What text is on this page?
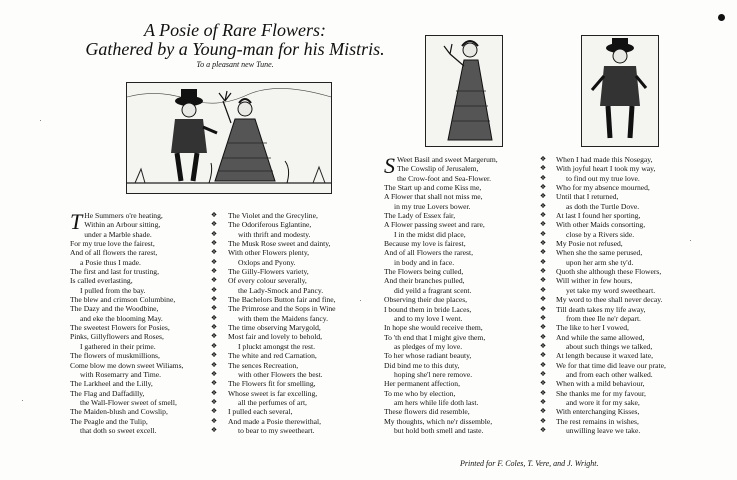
A Posie of Rare Flowers:
Gathered by a Young-man for his Mistris.
To a pleasant new Tune.
T He Summers o're heating,
Within an Arbour sitting,
under a Marble shade.
For my true love the fairest,
And of all flowers the rarest,
a Posie thus I made.
The first and last for trusting,
Is called everlasting,
I pulled from the bay.
The blew and crimson Columbine,
The Dazy and the Woodbine,
and eke the blooming May.
The sweetest Flowers for Posies,
Pinks, Gillyflowers and Roses,
I gathered in their prime.
The flowers of muskmillions,
Come blow me down sweet Wiliams,
with Rosemarry and Time.
The Larkheel and the Lilly,
The Flag and Daffadilly,
the Wall-Flower sweet of smell,
The Maiden-blush and Cowslip,
The Peagle and the Tulip,
that doth so sweet excell.
❖
❖
❖
❖
❖
❖
❖
❖
❖
❖
❖
❖
❖
❖
❖
❖
❖
❖
❖
❖
❖
❖
❖
❖
The Violet and the Grecyline,
The Odoriferous Eglantine,
with thrift and modesty.
The Musk Rose sweet and dainty,
With other Flowers plenty,
Oxlops and Pyony.
The Gilly-Flowers variety,
Of every colour severally,
the Lady-Smock and Pancy.
The Bachelors Button fair and fine,
The Primrose and the Sops in Wine
with them the Maidens fancy.
The time observing Marygold,
Most fair and lovely to behold,
I pluckt amongst the rest.
The white and red Carnation,
The sences Recreation,
with other Flowers the best.
The Flowers fit for smelling,
Whose sweet is far excelling,
all the perfumes of art,
I pulled each several,
And made a Posie therewithal,
to bear to my sweetheart.
S Weet Basil and sweet Margerum,
The Cowslip of Jerusalem,
the Crow-foot and Sea-Flower.
The Start up and come Kiss me,
A Flower that shall not miss me,
in my true Lovers bower.
The Lady of Essex fair,
A Flower passing sweet and rare,
I in the midst did place,
Because my love is fairest,
And of all Flowers the rarest,
in body and in face.
The Flowers being culled,
And their branches pulled,
did yeild a fragrant scent.
Observing their due places,
I bound them in bride Laces,
and to my love I went.
In hope she would receive them,
To 'th end that I might give them,
as pledges of my love.
To her whose radiant beauty,
Did bind me to this duty,
hoping she'l nere remove.
Her permanent affection,
To me who by election,
am hers while life doth last.
These flowers did resemble,
My thoughts, which ne'r dissemble,
but hold both smell and taste.
❖
❖
❖
❖
❖
❖
❖
❖
❖
❖
❖
❖
❖
❖
❖
❖
❖
❖
❖
❖
❖
❖
❖
❖
❖
❖
❖
❖
❖
❖
When I had made this Nosegay,
With joyful heart I took my way,
to find out my true love.
Who for my absence mourned,
Until that I returned,
as doth the Turtle Dove.
At last I found her sporting,
With other Maids consorting,
close by a Rivers side.
My Posie not refused,
When she the same perused,
upon her arm she ty'd.
Quoth she although these Flowers,
Will wither in few hours,
yet take my word sweetheart.
My word to thee shall never decay.
Till death takes my life away,
from thee Ile ne'r depart.
The like to her I vowed,
And while the same allowed,
about such things we talked,
At length because it waxed late,
We for that time did leave our prate,
and from each other walked.
When with a mild behaviour,
She thanks me for my favour,
and wore it for my sake,
With enterchanging Kisses,
The rest remains in wishes,
unwilling leave we take.
Printed for F. Coles, T. Vere, and J. Wright.
